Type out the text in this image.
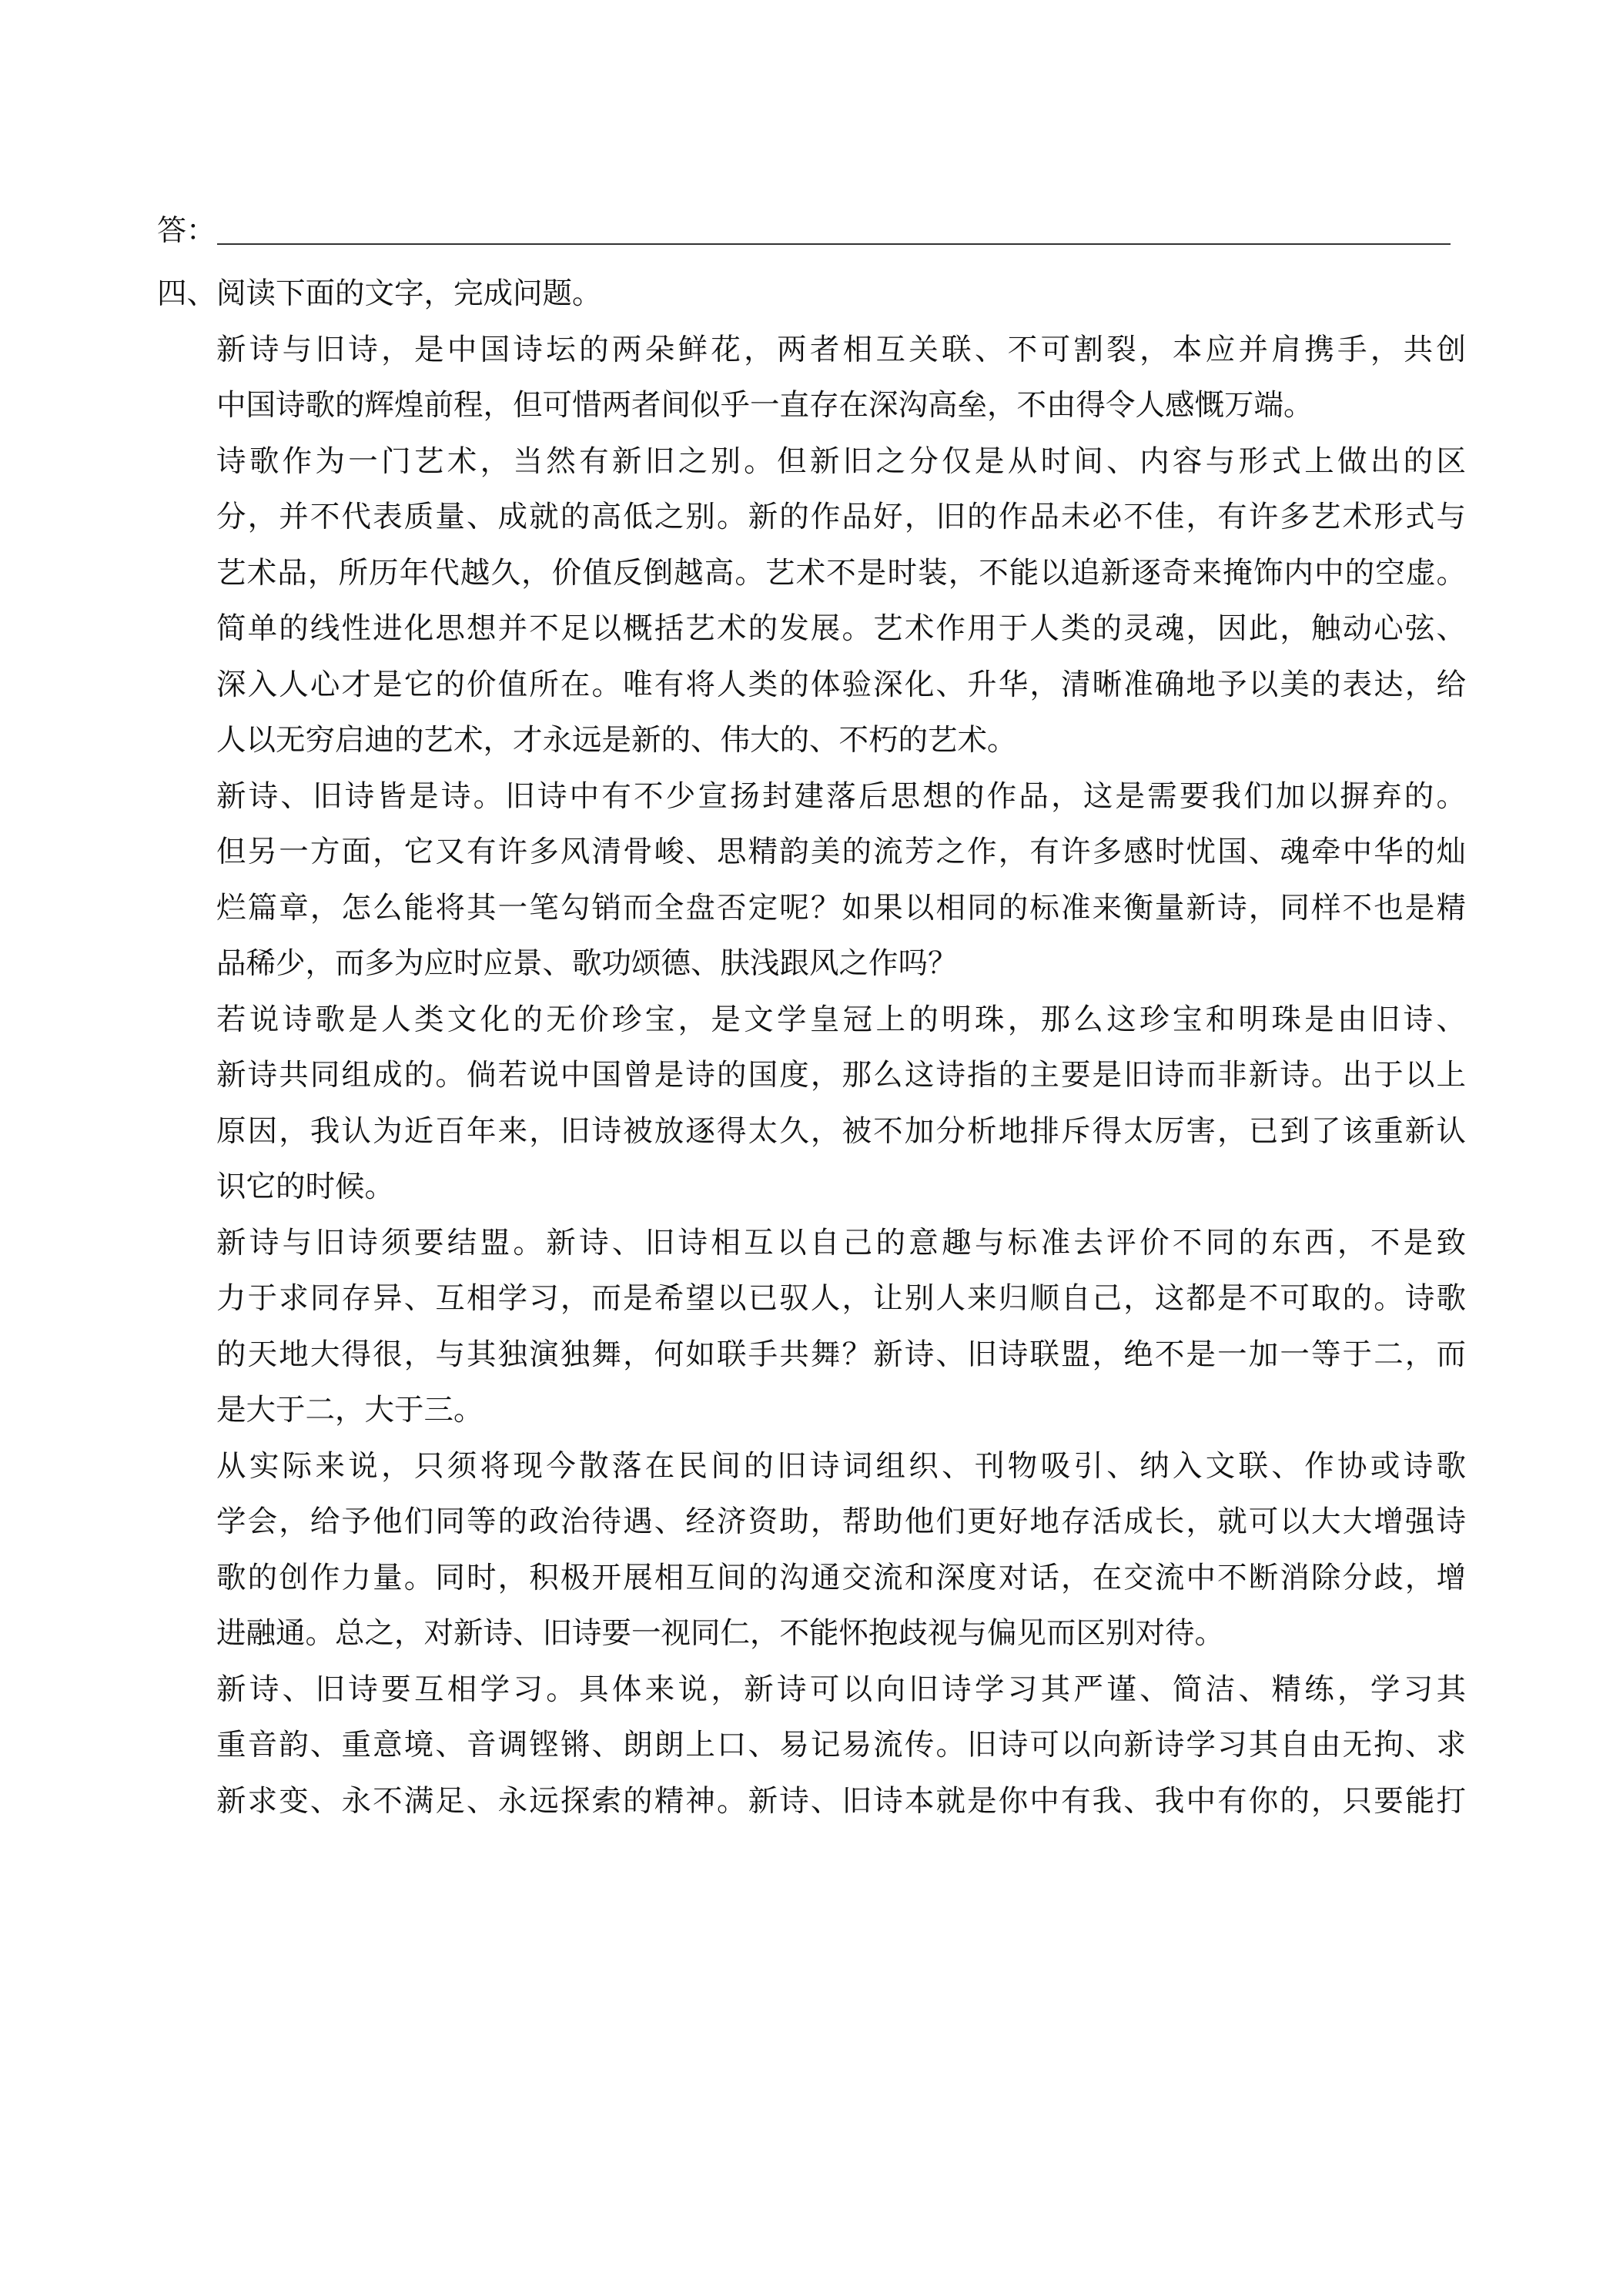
答：
四、阅读下面的文字，完成问题。

新诗与旧诗，是中国诗坛的两朵鲜花，两者相互关联、不可割裂，本应并肩携手，共创
中国诗歌的辉煌前程，但可惜两者间似乎一直存在深沟高垒，不由得令人感慨万端。

诗歌作为一门艺术，当然有新旧之别。但新旧之分仅是从时间、内容与形式上做出的区
分，并不代表质量、成就的高低之别。新的作品好，旧的作品未必不佳，有许多艺术形式与
艺术品，所历年代越久，价值反倒越高。艺术不是时装，不能以追新逐奇来掩饰内中的空虚。
简单的线性进化思想并不足以概括艺术的发展。艺术作用于人类的灵魂，因此，触动心弦、
深入人心才是它的价值所在。唯有将人类的体验深化、升华，清晰准确地予以美的表达，给
人以无穷启迪的艺术，才永远是新的、伟大的、不朽的艺术。

新诗、旧诗皆是诗。旧诗中有不少宣扬封建落后思想的作品，这是需要我们加以摒弃的。
但另一方面，它又有许多风清骨峻、思精韵美的流芳之作，有许多感时忧国、魂牵中华的灿
烂篇章，怎么能将其一笔勾销而全盘否定呢？如果以相同的标准来衡量新诗，同样不也是精
品稀少，而多为应时应景、歌功颂德、肤浅跟风之作吗？

若说诗歌是人类文化的无价珍宝，是文学皇冠上的明珠，那么这珍宝和明珠是由旧诗、
新诗共同组成的。倘若说中国曾是诗的国度，那么这诗指的主要是旧诗而非新诗。出于以上
原因，我认为近百年来，旧诗被放逐得太久，被不加分析地排斥得太厉害，已到了该重新认
识它的时候。

新诗与旧诗须要结盟。新诗、旧诗相互以自己的意趣与标准去评价不同的东西，不是致
力于求同存异、互相学习，而是希望以已驭人，让别人来归顺自己，这都是不可取的。诗歌
的天地大得很，与其独演独舞，何如联手共舞？新诗、旧诗联盟，绝不是一加一等于二，而
是大于二，大于三。

从实际来说，只须将现今散落在民间的旧诗词组织、刊物吸引、纳入文联、作协或诗歌
学会，给予他们同等的政治待遇、经济资助，帮助他们更好地存活成长，就可以大大增强诗
歌的创作力量。同时，积极开展相互间的沟通交流和深度对话，在交流中不断消除分歧，增
进融通。总之，对新诗、旧诗要一视同仁，不能怀抱歧视与偏见而区别对待。

新诗、旧诗要互相学习。具体来说，新诗可以向旧诗学习其严谨、简洁、精练，学习其
重音韵、重意境、音调铿锵、朗朗上口、易记易流传。旧诗可以向新诗学习其自由无拘、求
新求变、永不满足、永远探索的精神。新诗、旧诗本就是你中有我、我中有你的，只要能打
